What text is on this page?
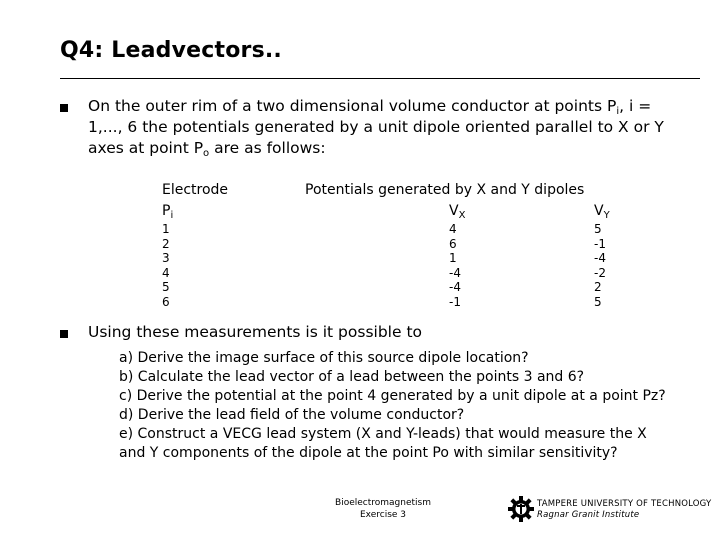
Q4: Leadvectors..
On the outer rim of a two dimensional volume conductor at points $P_i$, i = 1,..., 6 the potentials generated by a unit dipole oriented parallel to X or Y axes at point $P_o$ are as follows:
Electrode
$P_i$
Potentials generated by X and Y dipoles
$V_X$	$V_Y$
1
2
3
4
5
6
4
6
1
-4
-4
-1
5
-1
-4
-2
2
5
Using these measurements is it possible to
a) Derive the image surface of this source dipole location?
b) Calculate the lead vector of a lead between the points 3 and 6?
c) Derive the potential at the point 4 generated by a unit dipole at a point Pz?
d) Derive the lead field of the volume conductor?
e) Construct a VECG lead system (X and Y-leads) that would measure the X
and Y components of the dipole at the point Po with similar sensitivity?
Bioelectromagnetism
Exercise 3
TAMPERE UNIVERSITY OF TECHNOLOGY
Ragnar Granit Institute
